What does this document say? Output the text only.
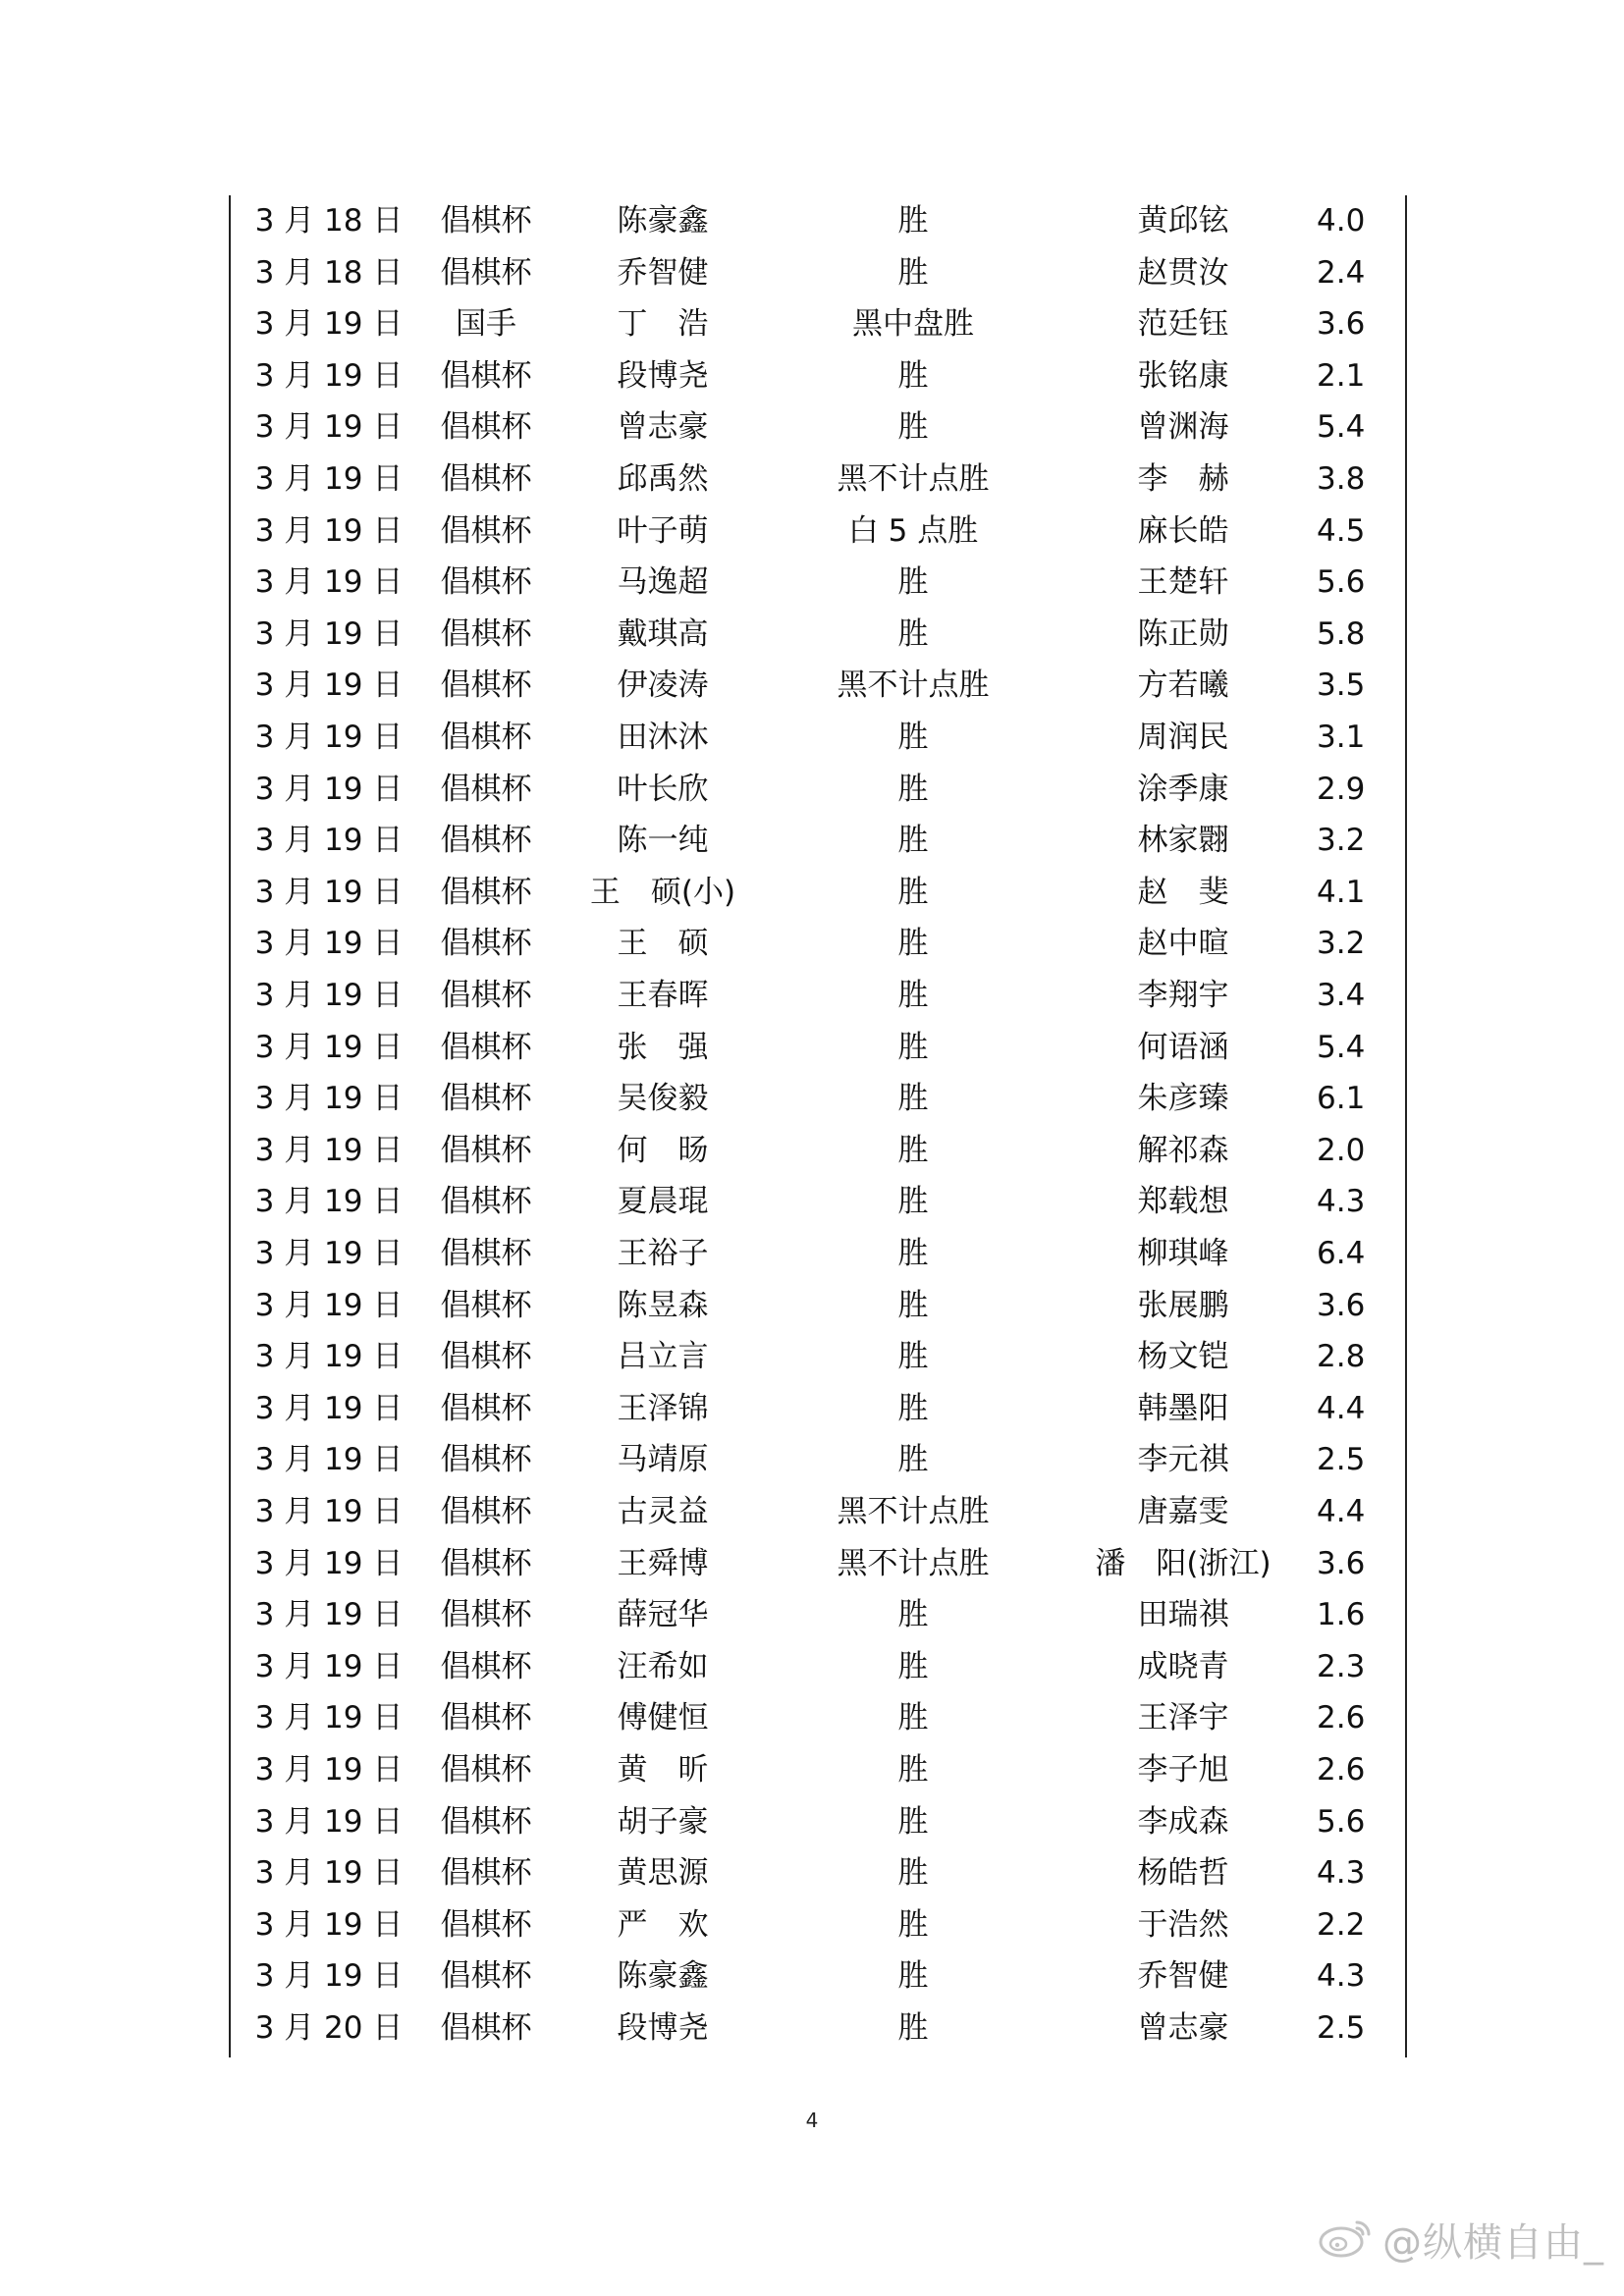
3 月 18 日	倡棋杯	陈豪鑫	胜	黄邱铉	4.0
3 月 18 日	倡棋杯	乔智健	胜	赵贯汝	2.4
3 月 19 日	国手	丁　浩	黑中盘胜	范廷钰	3.6
3 月 19 日	倡棋杯	段博尧	胜	张铭康	2.1
3 月 19 日	倡棋杯	曾志豪	胜	曾渊海	5.4
3 月 19 日	倡棋杯	邱禹然	黑不计点胜	李　赫	3.8
3 月 19 日	倡棋杯	叶子萌	白 5 点胜	麻长皓	4.5
3 月 19 日	倡棋杯	马逸超	胜	王楚轩	5.6
3 月 19 日	倡棋杯	戴琪高	胜	陈正勋	5.8
3 月 19 日	倡棋杯	伊凌涛	黑不计点胜	方若曦	3.5
3 月 19 日	倡棋杯	田沐沐	胜	周润民	3.1
3 月 19 日	倡棋杯	叶长欣	胜	涂季康	2.9
3 月 19 日	倡棋杯	陈一纯	胜	林家翾	3.2
3 月 19 日	倡棋杯	王　硕(小)	胜	赵　斐	4.1
3 月 19 日	倡棋杯	王　硕	胜	赵中暄	3.2
3 月 19 日	倡棋杯	王春晖	胜	李翔宇	3.4
3 月 19 日	倡棋杯	张　强	胜	何语涵	5.4
3 月 19 日	倡棋杯	吴俊毅	胜	朱彦臻	6.1
3 月 19 日	倡棋杯	何　旸	胜	解祁森	2.0
3 月 19 日	倡棋杯	夏晨琨	胜	郑载想	4.3
3 月 19 日	倡棋杯	王裕子	胜	柳琪峰	6.4
3 月 19 日	倡棋杯	陈昱森	胜	张展鹏	3.6
3 月 19 日	倡棋杯	吕立言	胜	杨文铠	2.8
3 月 19 日	倡棋杯	王泽锦	胜	韩墨阳	4.4
3 月 19 日	倡棋杯	马靖原	胜	李元祺	2.5
3 月 19 日	倡棋杯	古灵益	黑不计点胜	唐嘉雯	4.4
3 月 19 日	倡棋杯	王舜博	黑不计点胜	潘　阳(浙江)	3.6
3 月 19 日	倡棋杯	薛冠华	胜	田瑞祺	1.6
3 月 19 日	倡棋杯	汪希如	胜	成晓青	2.3
3 月 19 日	倡棋杯	傅健恒	胜	王泽宇	2.6
3 月 19 日	倡棋杯	黄　昕	胜	李子旭	2.6
3 月 19 日	倡棋杯	胡子豪	胜	李成森	5.6
3 月 19 日	倡棋杯	黄思源	胜	杨皓哲	4.3
3 月 19 日	倡棋杯	严　欢	胜	于浩然	2.2
3 月 19 日	倡棋杯	陈豪鑫	胜	乔智健	4.3
3 月 20 日	倡棋杯	段博尧	胜	曾志豪	2.5
4
@纵横自由_
